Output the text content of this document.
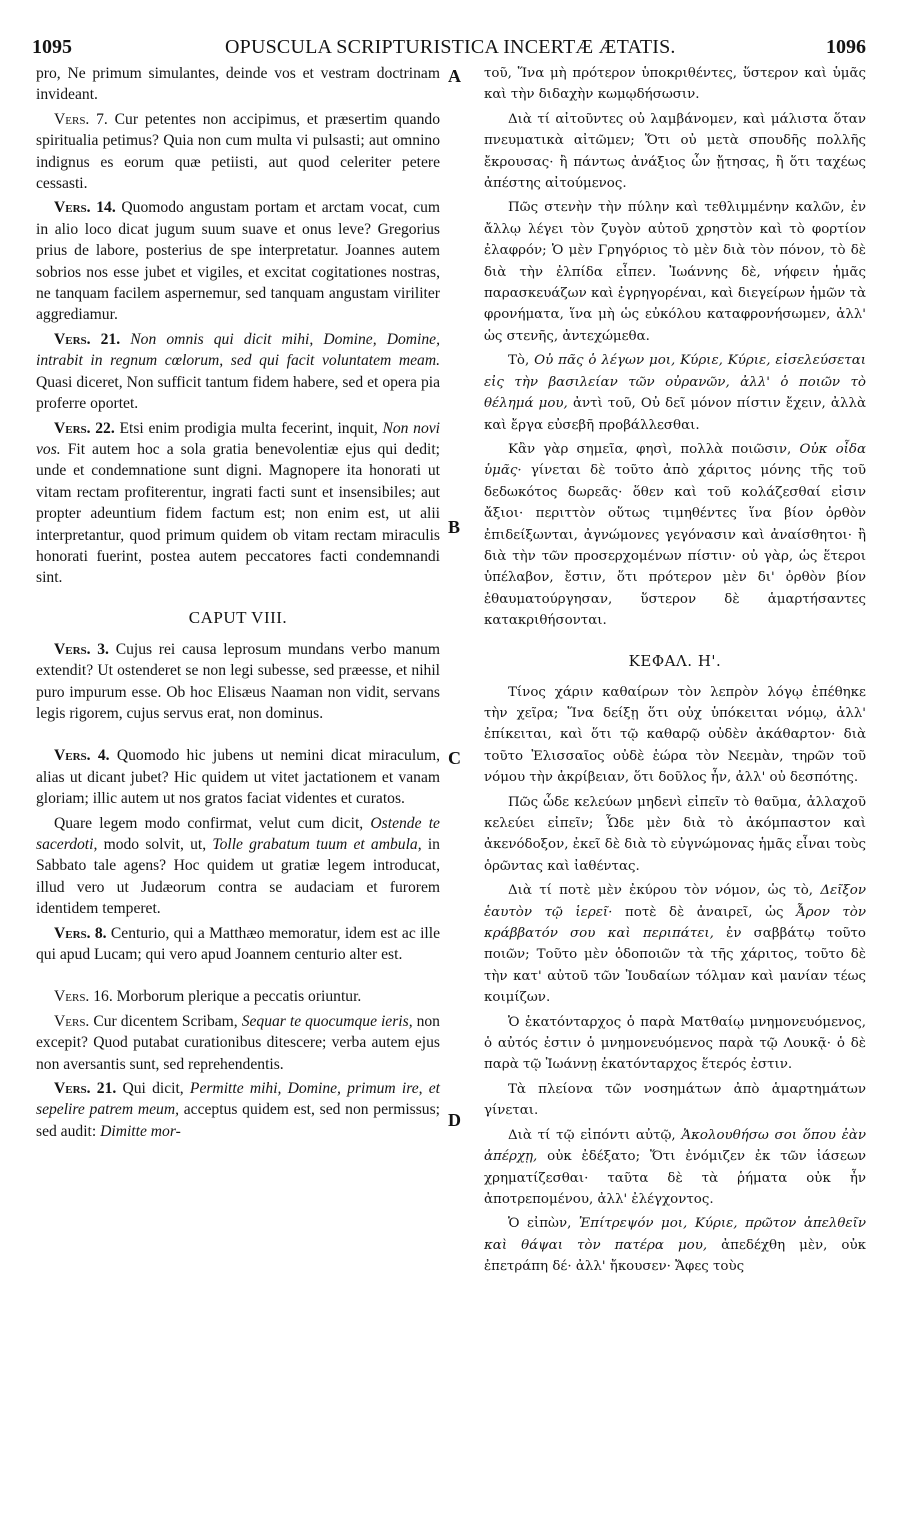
1095	OPUSCULA SCRIPTURISTICA INCERTÆ ÆTATIS.	1096
A
B
C
D

pro, Ne primum simulantes, deinde vos et vestram doctrinam invideant.

Vers. 7. Cur petentes non accipimus, et præsertim quando spiritualia petimus? Quia non cum multa vi pulsasti; aut omnino indignus es eorum quæ petiisti, aut quod celeriter petere cessasti.

Vers. 14. Quomodo angustam portam et arctam vocat, cum in alio loco dicat jugum suum suave et onus leve? Gregorius prius de labore, posterius de spe interpretatur. Joannes autem sobrios nos esse jubet et vigiles, et excitat cogitationes nostras, ne tanquam facilem aspernemur, sed tanquam angustam viriliter aggrediamur.

Vers. 21. Non omnis qui dicit mihi, Domine, Domine, intrabit in regnum cœlorum, sed qui facit voluntatem meam. Quasi diceret, Non sufficit tantum fidem habere, sed et opera pia proferre oportet.

Vers. 22. Etsi enim prodigia multa fecerint, inquit, Non novi vos. Fit autem hoc a sola gratia benevolentiæ ejus qui dedit; unde et condemnatione sunt digni. Magnopere ita honorati ut vitam rectam profiterentur, ingrati facti sunt et insensibiles; aut propter adeuntium fidem factum est; non enim est, ut alii interpretantur, quod primum quidem ob vitam rectam miraculis honorati fuerint, postea autem peccatores facti condemnandi sint.

CAPUT VIII.

Vers. 3. Cujus rei causa leprosum mundans verbo manum extendit? Ut ostenderet se non legi subesse, sed præesse, et nihil puro impurum esse. Ob hoc Elisæus Naaman non vidit, servans legis rigorem, cujus servus erat, non dominus.

Vers. 4. Quomodo hic jubens ut nemini dicat miraculum, alias ut dicant jubet? Hic quidem ut vitet jactationem et vanam gloriam; illic autem ut nos gratos faciat videntes et curatos.

Quare legem modo confirmat, velut cum dicit, Ostende te sacerdoti, modo solvit, ut, Tolle grabatum tuum et ambula, in Sabbato tale agens? Hoc quidem ut gratiæ legem introducat, illud vero ut Judæorum contra se audaciam et furorem identidem temperet.

Vers. 8. Centurio, qui a Matthæo memoratur, idem est ac ille qui apud Lucam; qui vero apud Joannem centurio alter est.

Vers. 16. Morborum plerique a peccatis oriuntur.

Vers. Cur dicentem Scribam, Sequar te quocumque ieris, non excepit? Quod putabat curationibus ditescere; verba autem ejus non aversantis sunt, sed reprehendentis.

Vers. 21. Qui dicit, Permitte mihi, Domine, primum ire, et sepelire patrem meum, acceptus quidem est, sed non permissus; sed audit: Dimitte mor-

τοῦ, Ἵνα μὴ πρότερον ὑποκριθέντες, ὕστερον καὶ ὑμᾶς καὶ τὴν διδαχὴν κωμῳδήσωσιν.

Διὰ τί αἰτοῦντες οὐ λαμβάνομεν, καὶ μάλιστα ὅταν πνευματικὰ αἰτῶμεν; Ὅτι οὐ μετὰ σπουδῆς πολλῆς ἔκρουσας· ἢ πάντως ἀνάξιος ὧν ᾔτησας, ἢ ὅτι ταχέως ἀπέστης αἰτούμενος.

Πῶς στενὴν τὴν πύλην καὶ τεθλιμμένην καλῶν, ἐν ἄλλῳ λέγει τὸν ζυγὸν αὐτοῦ χρηστὸν καὶ τὸ φορτίον ἐλαφρόν; Ὁ μὲν Γρηγόριος τὸ μὲν διὰ τὸν πόνον, τὸ δὲ διὰ τὴν ἐλπίδα εἶπεν. Ἰωάννης δὲ, νήφειν ἡμᾶς παρασκευάζων καὶ ἐγρηγορέναι, καὶ διεγείρων ἡμῶν τὰ φρονήματα, ἵνα μὴ ὡς εὐκόλου καταφρονήσωμεν, ἀλλ' ὡς στενῆς, ἀντεχώμεθα.

Τὸ, Οὐ πᾶς ὁ λέγων μοι, Κύριε, Κύριε, εἰσελεύσεται εἰς τὴν βασιλείαν τῶν οὐρανῶν, ἀλλ' ὁ ποιῶν τὸ θέλημά μου, ἀντὶ τοῦ, Οὐ δεῖ μόνον πίστιν ἔχειν, ἀλλὰ καὶ ἔργα εὐσεβῆ προβάλλεσθαι.

Κἂν γὰρ σημεῖα, φησὶ, πολλὰ ποιῶσιν, Οὐκ οἶδα ὑμᾶς· γίνεται δὲ τοῦτο ἀπὸ χάριτος μόνης τῆς τοῦ δεδωκότος δωρεᾶς· ὅθεν καὶ τοῦ κολάζεσθαί εἰσιν ἄξιοι· περιττὸν οὕτως τιμηθέντες ἵνα βίον ὀρθὸν ἐπιδείξωνται, ἀγνώμονες γεγόνασιν καὶ ἀναίσθητοι· ἢ διὰ τὴν τῶν προσερχομένων πίστιν· οὐ γὰρ, ὡς ἕτεροι ὑπέλαβον, ἔστιν, ὅτι πρότερον μὲν δι' ὀρθὸν βίον ἐθαυματούργησαν, ὕστερον δὲ ἁμαρτήσαντες κατακριθήσονται.

ΚΕΦΑΛ. Η'.

Τίνος χάριν καθαίρων τὸν λεπρὸν λόγῳ ἐπέθηκε τὴν χεῖρα; Ἵνα δείξῃ ὅτι οὐχ ὑπόκειται νόμῳ, ἀλλ' ἐπίκειται, καὶ ὅτι τῷ καθαρῷ οὐδὲν ἀκάθαρτον· διὰ τοῦτο Ἐλισσαῖος οὐδὲ ἑώρα τὸν Νεεμὰν, τηρῶν τοῦ νόμου τὴν ἀκρίβειαν, ὅτι δοῦλος ἦν, ἀλλ' οὐ δεσπότης.

Πῶς ὧδε κελεύων μηδενὶ εἰπεῖν τὸ θαῦμα, ἀλλαχοῦ κελεύει εἰπεῖν; Ὧδε μὲν διὰ τὸ ἀκόμπαστον καὶ ἀκενόδοξον, ἐκεῖ δὲ διὰ τὸ εὐγνώμονας ἡμᾶς εἶναι τοὺς ὁρῶντας καὶ ἰαθέντας.

Διὰ τί ποτὲ μὲν ἐκύρου τὸν νόμον, ὡς τὸ, Δεῖξον ἑαυτὸν τῷ ἱερεῖ· ποτὲ δὲ ἀναιρεῖ, ὡς Ἆρον τὸν κράββατόν σου καὶ περιπάτει, ἐν σαββάτῳ τοῦτο ποιῶν; Τοῦτο μὲν ὁδοποιῶν τὰ τῆς χάριτος, τοῦτο δὲ τὴν κατ' αὐτοῦ τῶν Ἰουδαίων τόλμαν καὶ μανίαν τέως κοιμίζων.

Ὁ ἑκατόνταρχος ὁ παρὰ Ματθαίῳ μνημονευόμενος, ὁ αὐτός ἐστιν ὁ μνημονευόμενος παρὰ τῷ Λουκᾷ· ὁ δὲ παρὰ τῷ Ἰωάννῃ ἑκατόνταρχος ἕτερός ἐστιν.

Τὰ πλείονα τῶν νοσημάτων ἀπὸ ἁμαρτημάτων γίνεται.

Διὰ τί τῷ εἰπόντι αὐτῷ, Ἀκολουθήσω σοι ὅπου ἐὰν ἀπέρχῃ, οὐκ ἐδέξατο; Ὅτι ἐνόμιζεν ἐκ τῶν ἰάσεων χρηματίζεσθαι· ταῦτα δὲ τὰ ῥήματα οὐκ ἦν ἀποτρεπομένου, ἀλλ' ἐλέγχοντος.

Ὁ εἰπὼν, Ἐπίτρεψόν μοι, Κύριε, πρῶτον ἀπελθεῖν καὶ θάψαι τὸν πατέρα μου, ἀπεδέχθη μὲν, οὐκ ἐπετράπη δέ· ἀλλ' ἤκουσεν· Ἄφες τοὺς
